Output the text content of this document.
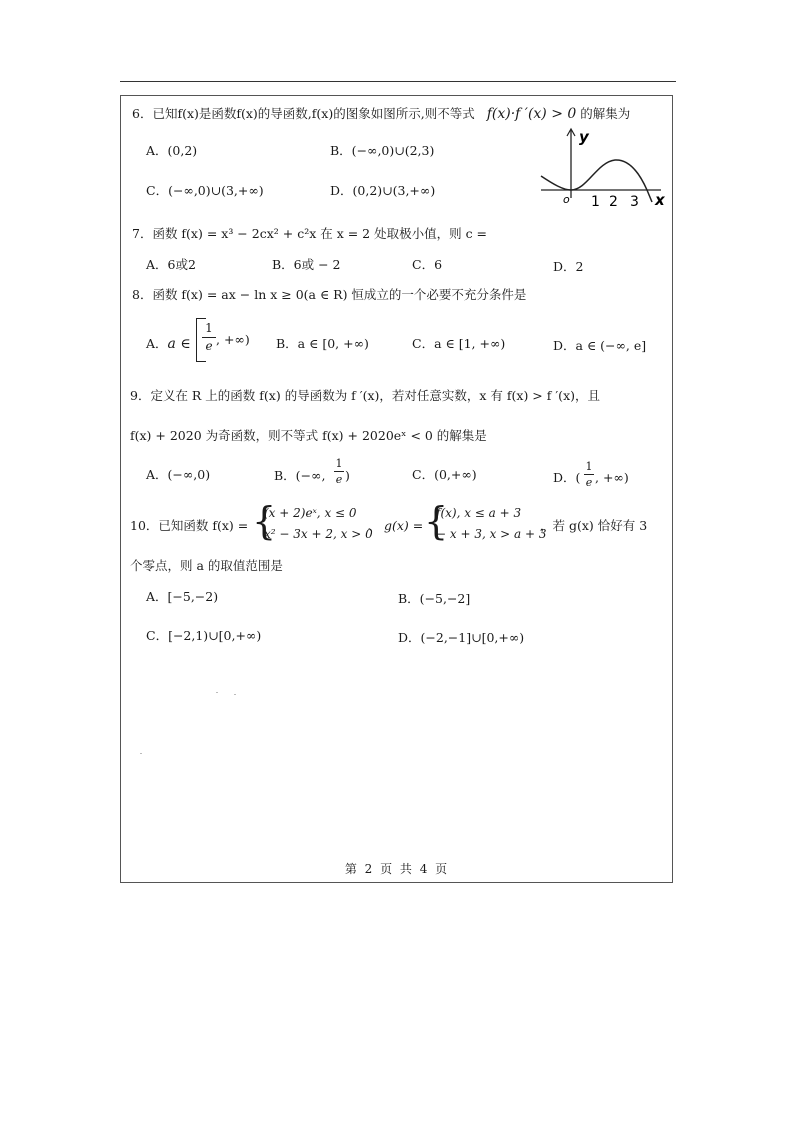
6．已知f(x)是函数f(x)的导函数,f(x)的图象如图所示,则不等式 f(x)·f ′(x) > 0 的解集为
A．(0,2)	B．(−∞,0)∪(2,3)
C．(−∞,0)∪(3,+∞)	D．(0,2)∪(3,+∞)
y
x
o 1 2 3
7．函数 f(x) = x³ − 2cx² + c²x 在 x = 2 处取极小值，则 c =
A．6或2	B．6或 − 2	C．6	D．2
8．函数 f(x) = ax − ln x ≥ 0(a ∈ R) 恒成立的一个必要不充分条件是
A．a ∈
1
e , +∞) B．a ∈ [0, +∞)	C．a ∈ [1, +∞)	D．a ∈ (−∞, e]
9．定义在 R 上的函数 f(x) 的导函数为 f ′(x)，若对任意实数，x 有 f(x) > f ′(x)，且
f(x) + 2020 为奇函数，则不等式 f(x) + 2020eˣ < 0 的解集是
A．(−∞,0)	B．(−∞,
1
e )	C．(0,+∞)	D．(
1
e , +∞)
10．已知函数 f(x) = {
(x + 2)eˣ, x ≤ 0
x² − 3x + 2, x > 0
、 g(x) = {
f(x), x ≤ a + 3
− x + 3, x > a + 3
，若 g(x) 恰好有 3
个零点，则 a 的取值范围是
A．[−5,−2)	B．(−5,−2]
C．[−2,1)∪[0,+∞)	D．(−2,−1]∪[0,+∞)
第 2 页 共 4 页
